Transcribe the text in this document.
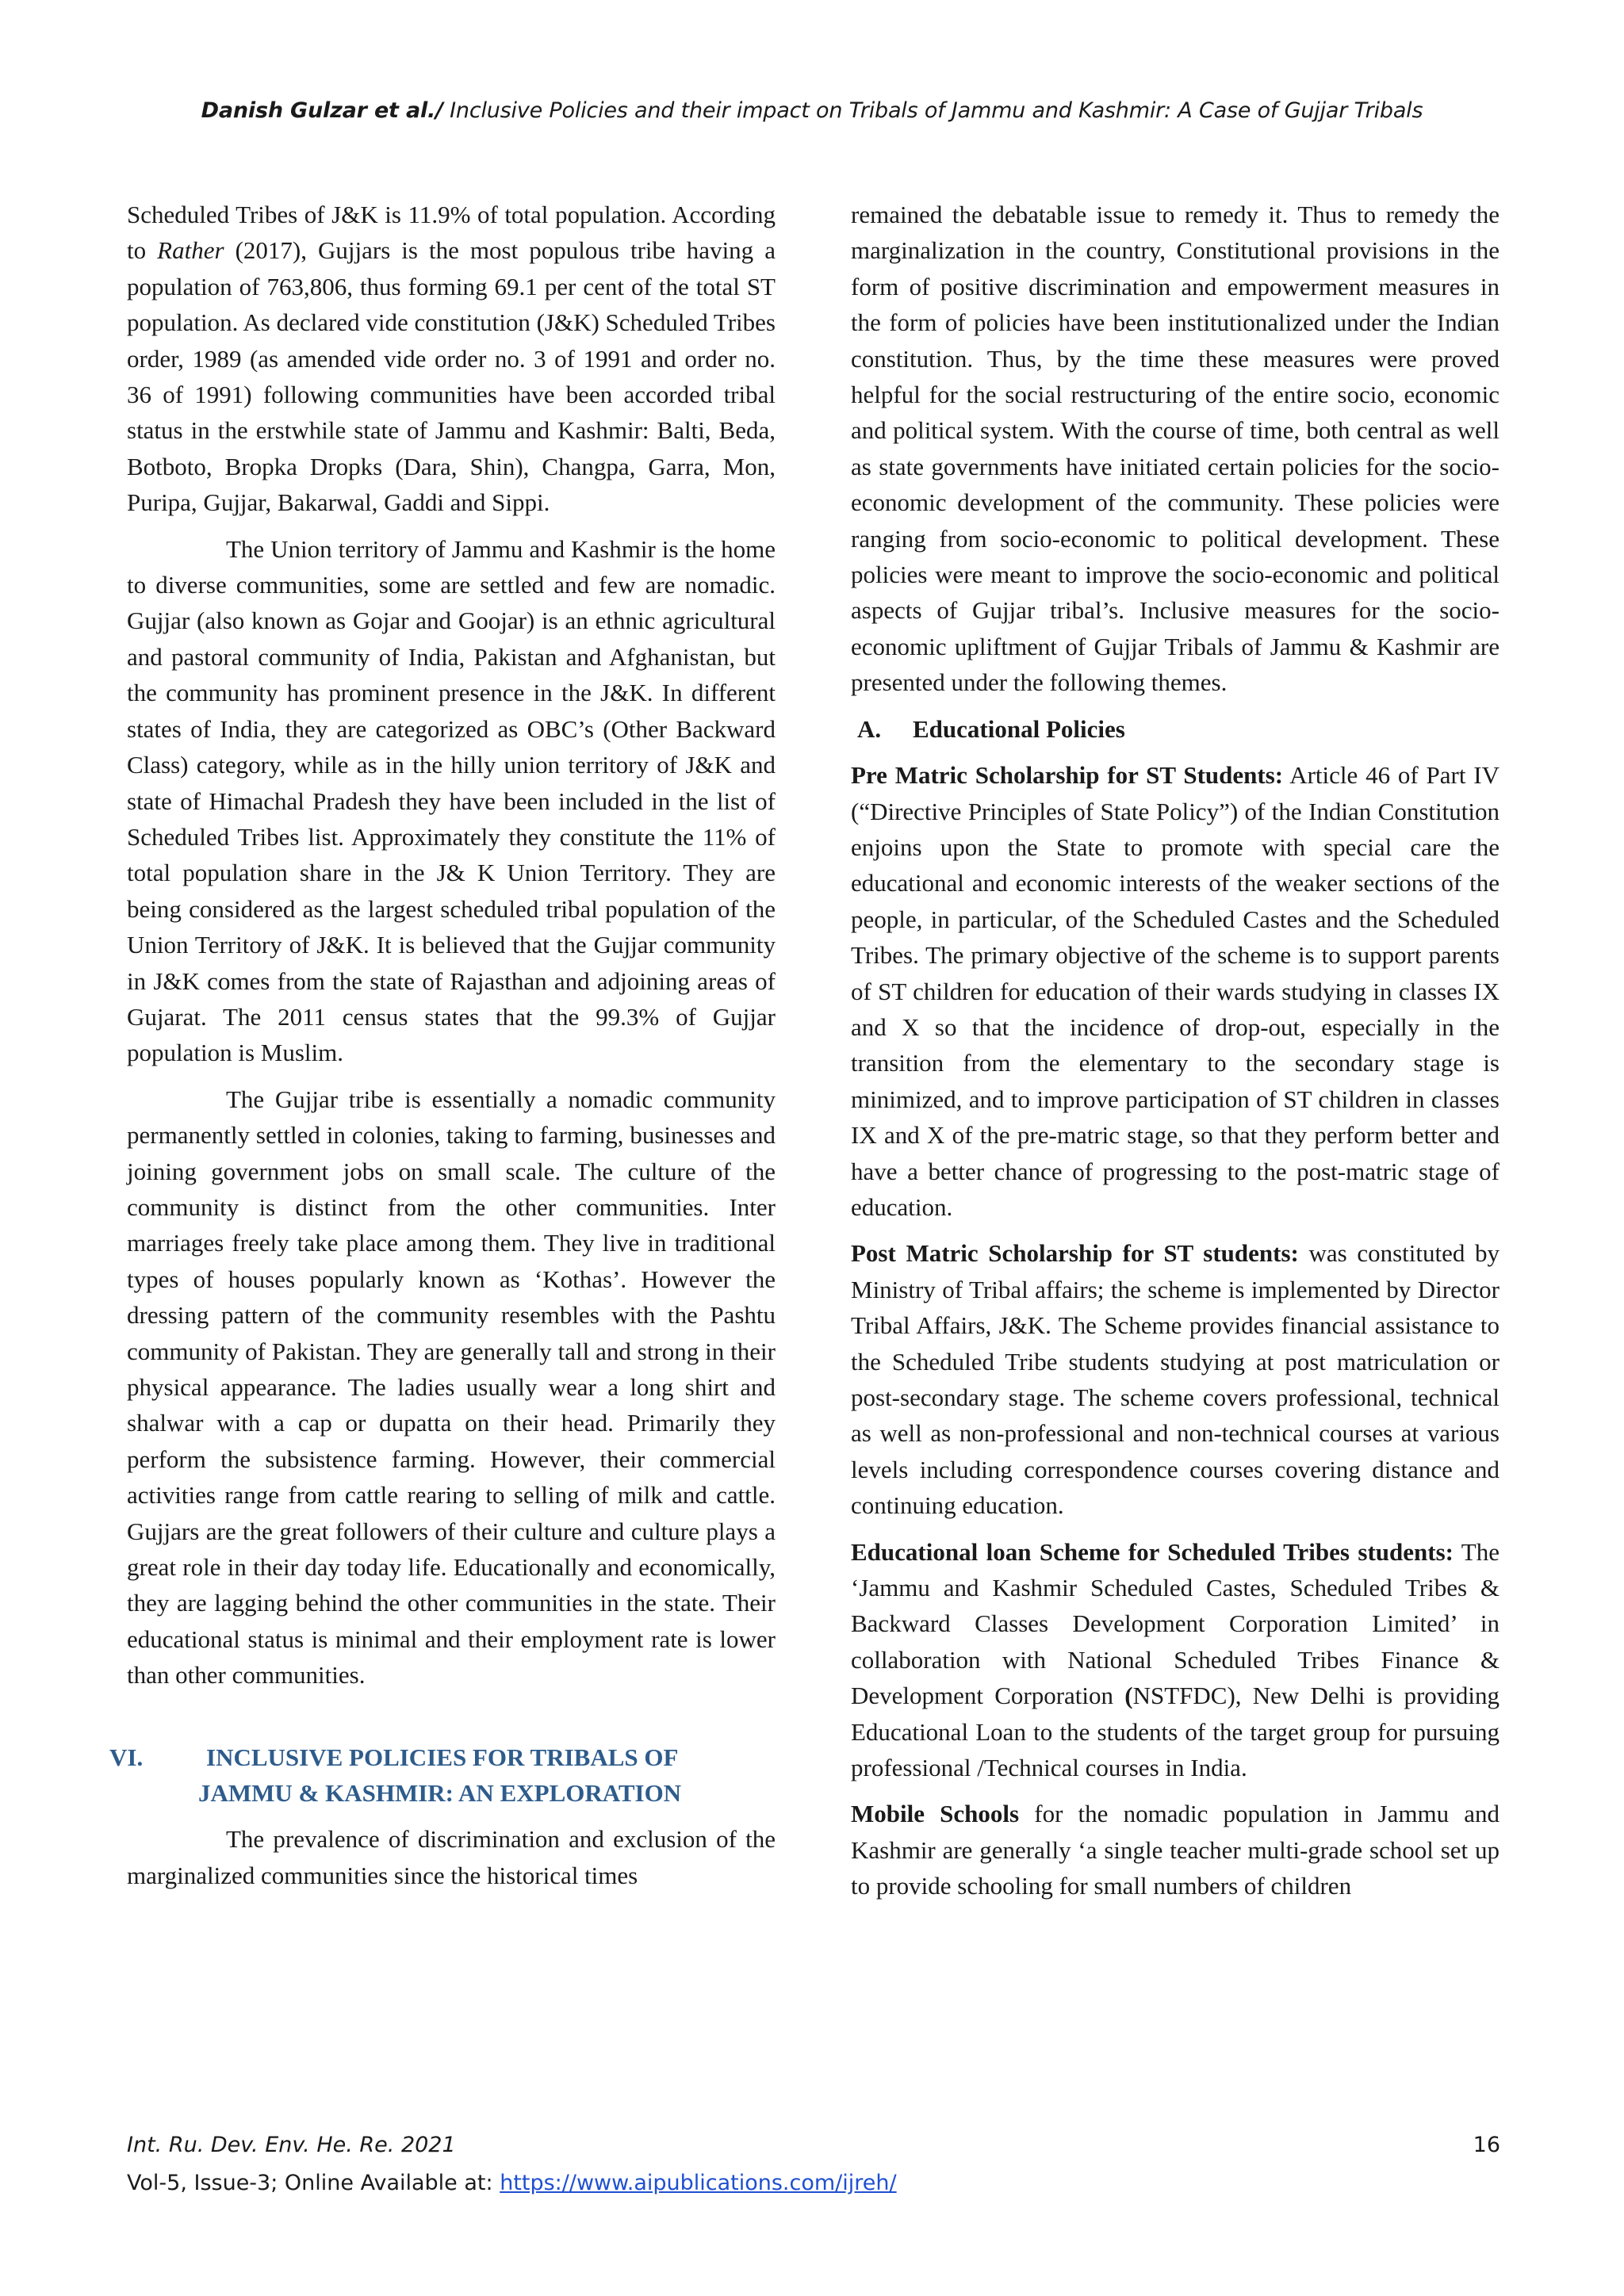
Danish Gulzar et al./ Inclusive Policies and their impact on Tribals of Jammu and Kashmir: A Case of Gujjar Tribals

Scheduled Tribes of J&K is 11.9% of total population. According to Rather (2017), Gujjars is the most populous tribe having a population of 763,806, thus forming 69.1 per cent of the total ST population. As declared vide constitution (J&K) Scheduled Tribes order, 1989 (as amended vide order no. 3 of 1991 and order no. 36 of 1991) following communities have been accorded tribal status in the erstwhile state of Jammu and Kashmir: Balti, Beda, Botboto, Bropka Dropks (Dara, Shin), Changpa, Garra, Mon, Puripa, Gujjar, Bakarwal, Gaddi and Sippi.

The Union territory of Jammu and Kashmir is the home to diverse communities, some are settled and few are nomadic. Gujjar (also known as Gojar and Goojar) is an ethnic agricultural and pastoral community of India, Pakistan and Afghanistan, but the community has prominent presence in the J&K. In different states of India, they are categorized as OBC’s (Other Backward Class) category, while as in the hilly union territory of J&K and state of Himachal Pradesh they have been included in the list of Scheduled Tribes list. Approximately they constitute the 11% of total population share in the J& K Union Territory. They are being considered as the largest scheduled tribal population of the Union Territory of J&K. It is believed that the Gujjar community in J&K comes from the state of Rajasthan and adjoining areas of Gujarat. The 2011 census states that the 99.3% of Gujjar population is Muslim.

The Gujjar tribe is essentially a nomadic community permanently settled in colonies, taking to farming, businesses and joining government jobs on small scale. The culture of the community is distinct from the other communities. Inter marriages freely take place among them. They live in traditional types of houses popularly known as ‘Kothas’. However the dressing pattern of the community resembles with the Pashtu community of Pakistan. They are generally tall and strong in their physical appearance. The ladies usually wear a long shirt and shalwar with a cap or dupatta on their head. Primarily they perform the subsistence farming. However, their commercial activities range from cattle rearing to selling of milk and cattle. Gujjars are the great followers of their culture and culture plays a great role in their day today life. Educationally and economically, they are lagging behind the other communities in the state. Their educational status is minimal and their employment rate is lower than other communities.

VI.	INCLUSIVE POLICIES FOR TRIBALS OF
JAMMU & KASHMIR: AN EXPLORATION

The prevalence of discrimination and exclusion of the marginalized communities since the historical times

remained the debatable issue to remedy it. Thus to remedy the marginalization in the country, Constitutional provisions in the form of positive discrimination and empowerment measures in the form of policies have been institutionalized under the Indian constitution. Thus, by the time these measures were proved helpful for the social restructuring of the entire socio, economic and political system. With the course of time, both central as well as state governments have initiated certain policies for the socio-economic development of the community. These policies were ranging from socio-economic to political development. These policies were meant to improve the socio-economic and political aspects of Gujjar tribal’s. Inclusive measures for the socio-economic upliftment of Gujjar Tribals of Jammu & Kashmir are presented under the following themes.

A. Educational Policies

Pre Matric Scholarship for ST Students: Article 46 of Part IV (“Directive Principles of State Policy”) of the Indian Constitution enjoins upon the State to promote with special care the educational and economic interests of the weaker sections of the people, in particular, of the Scheduled Castes and the Scheduled Tribes. The primary objective of the scheme is to support parents of ST children for education of their wards studying in classes IX and X so that the incidence of drop-out, especially in the transition from the elementary to the secondary stage is minimized, and to improve participation of ST children in classes IX and X of the pre-matric stage, so that they perform better and have a better chance of progressing to the post-matric stage of education.

Post Matric Scholarship for ST students: was constituted by Ministry of Tribal affairs; the scheme is implemented by Director Tribal Affairs, J&K. The Scheme provides financial assistance to the Scheduled Tribe students studying at post matriculation or post-secondary stage. The scheme covers professional, technical as well as non-professional and non-technical courses at various levels including correspondence courses covering distance and continuing education.

Educational loan Scheme for Scheduled Tribes students: The ‘Jammu and Kashmir Scheduled Castes, Scheduled Tribes & Backward Classes Development Corporation Limited’ in collaboration with National Scheduled Tribes Finance & Development Corporation (NSTFDC), New Delhi is providing Educational Loan to the students of the target group for pursuing professional /Technical courses in India.

Mobile Schools for the nomadic population in Jammu and Kashmir are generally ‘a single teacher multi-grade school set up to provide schooling for small numbers of children

Int. Ru. Dev. Env. He. Re. 2021	16
Vol-5, Issue-3; Online Available at: https://www.aipublications.com/ijreh/
